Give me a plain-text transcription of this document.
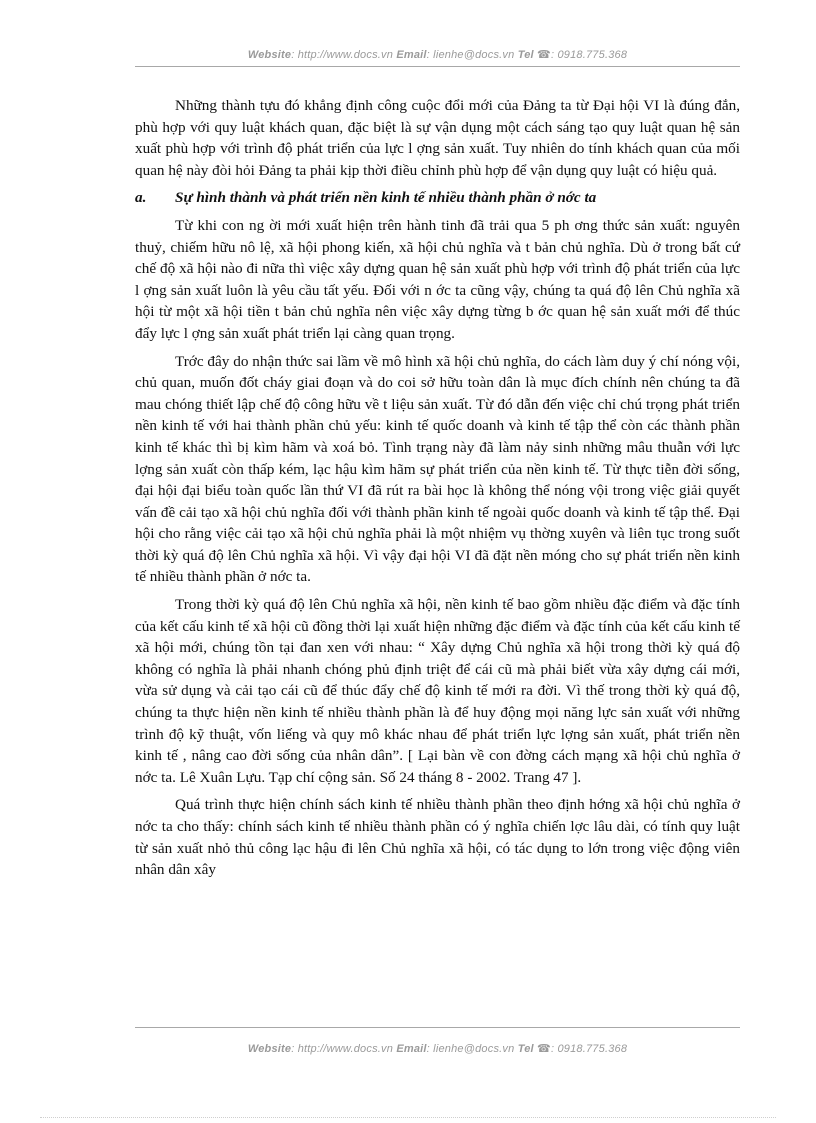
Website: http://www.docs.vn Email: lienhe@docs.vn Tel ☎: 0918.775.368

Những thành tựu đó khẳng định công cuộc đổi mới của Đảng ta từ Đại hội VI là đúng đắn, phù hợp với quy luật khách quan, đặc biệt là sự vận dụng một cách sáng tạo quy luật quan hệ sản xuất phù hợp với trình độ phát triển của lực l ợng sản xuất. Tuy nhiên do tính khách quan của mối quan hệ này đòi hỏi Đảng ta phải kịp thời điều chỉnh phù hợp để vận dụng quy luật có hiệu quả.

a.	Sự hình thành và phát triển nền kinh tế nhiều thành phần ở nớc ta

Từ khi con ng ời mới xuất hiện trên hành tinh đã trải qua 5 ph ơng thức sản xuất: nguyên thuỷ, chiếm hữu nô lệ, xã hội phong kiến, xã hội chủ nghĩa và t bản chủ nghĩa. Dù ở trong bất cứ chế độ xã hội nào đi nữa thì việc xây dựng quan hệ sản xuất phù hợp với trình độ phát triển của lực l ợng sản xuất luôn là yêu cầu tất yếu. Đối với n ớc ta cũng vậy, chúng ta quá độ lên Chủ nghĩa xã hội từ một xã hội tiền t bản chủ nghĩa nên việc xây dựng từng b ớc quan hệ sản xuất mới để thúc đẩy lực l ợng sản xuất phát triển lại càng quan trọng.

Trớc đây do nhận thức sai lầm về mô hình xã hội chủ nghĩa, do cách làm duy ý chí nóng vội, chủ quan, muốn đốt cháy giai đoạn và do coi sở hữu toàn dân là mục đích chính nên chúng ta đã mau chóng thiết lập chế độ công hữu về t liệu sản xuất. Từ đó dẫn đến việc chỉ chú trọng phát triển nền kinh tế với hai thành phần chủ yếu: kinh tế quốc doanh và kinh tế tập thể còn các thành phần kinh tế khác thì bị kìm hãm và xoá bỏ. Tình trạng này đã làm nảy sinh những mâu thuẫn với lực lợng sản xuất còn thấp kém, lạc hậu kìm hãm sự phát triển của nền kinh tế. Từ thực tiễn đời sống, đại hội đại biểu toàn quốc lần thứ VI đã rút ra bài học là không thể nóng vội trong việc giải quyết vấn đề cải tạo xã hội chủ nghĩa đối với thành phần kinh tế ngoài quốc doanh và kinh tế tập thể. Đại hội cho rằng việc cải tạo xã hội chủ nghĩa phải là một nhiệm vụ thờng xuyên và liên tục trong suốt thời kỳ quá độ lên Chủ nghĩa xã hội. Vì vậy đại hội VI đã đặt nền móng cho sự phát triển nền kinh tế nhiều thành phần ở nớc ta.

Trong thời kỳ quá độ lên Chủ nghĩa xã hội, nền kinh tế bao gồm nhiều đặc điểm và đặc tính của kết cấu kinh tế xã hội cũ đồng thời lại xuất hiện những đặc điểm và đặc tính của kết cấu kinh tế xã hội mới, chúng tồn tại đan xen với nhau: “ Xây dựng Chủ nghĩa xã hội trong thời kỳ quá độ không có nghĩa là phải nhanh chóng phủ định triệt để cái cũ mà phải biết vừa xây dựng cái mới, vừa sử dụng và cải tạo cái cũ để thúc đẩy chế độ kinh tế mới ra đời. Vì thế trong thời kỳ quá độ, chúng ta thực hiện nền kinh tế nhiều thành phần là để huy động mọi năng lực sản xuất với những trình độ kỹ thuật, vốn liếng và quy mô khác nhau để phát triển lực lợng sản xuất, phát triển nền kinh tế , nâng cao đời sống của nhân dân”. [ Lại bàn về con đờng cách mạng xã hội chủ nghĩa ở nớc ta. Lê Xuân Lựu. Tạp chí cộng sản. Số 24 tháng 8 - 2002. Trang 47 ].

Quá trình thực hiện chính sách kinh tế nhiều thành phần theo định hớng xã hội chủ nghĩa ở nớc ta cho thấy: chính sách kinh tế nhiều thành phần có ý nghĩa chiến lợc lâu dài, có tính quy luật từ sản xuất nhỏ thủ công lạc hậu đi lên Chủ nghĩa xã hội, có tác dụng to lớn trong việc động viên nhân dân xây

Website: http://www.docs.vn Email: lienhe@docs.vn Tel ☎: 0918.775.368
